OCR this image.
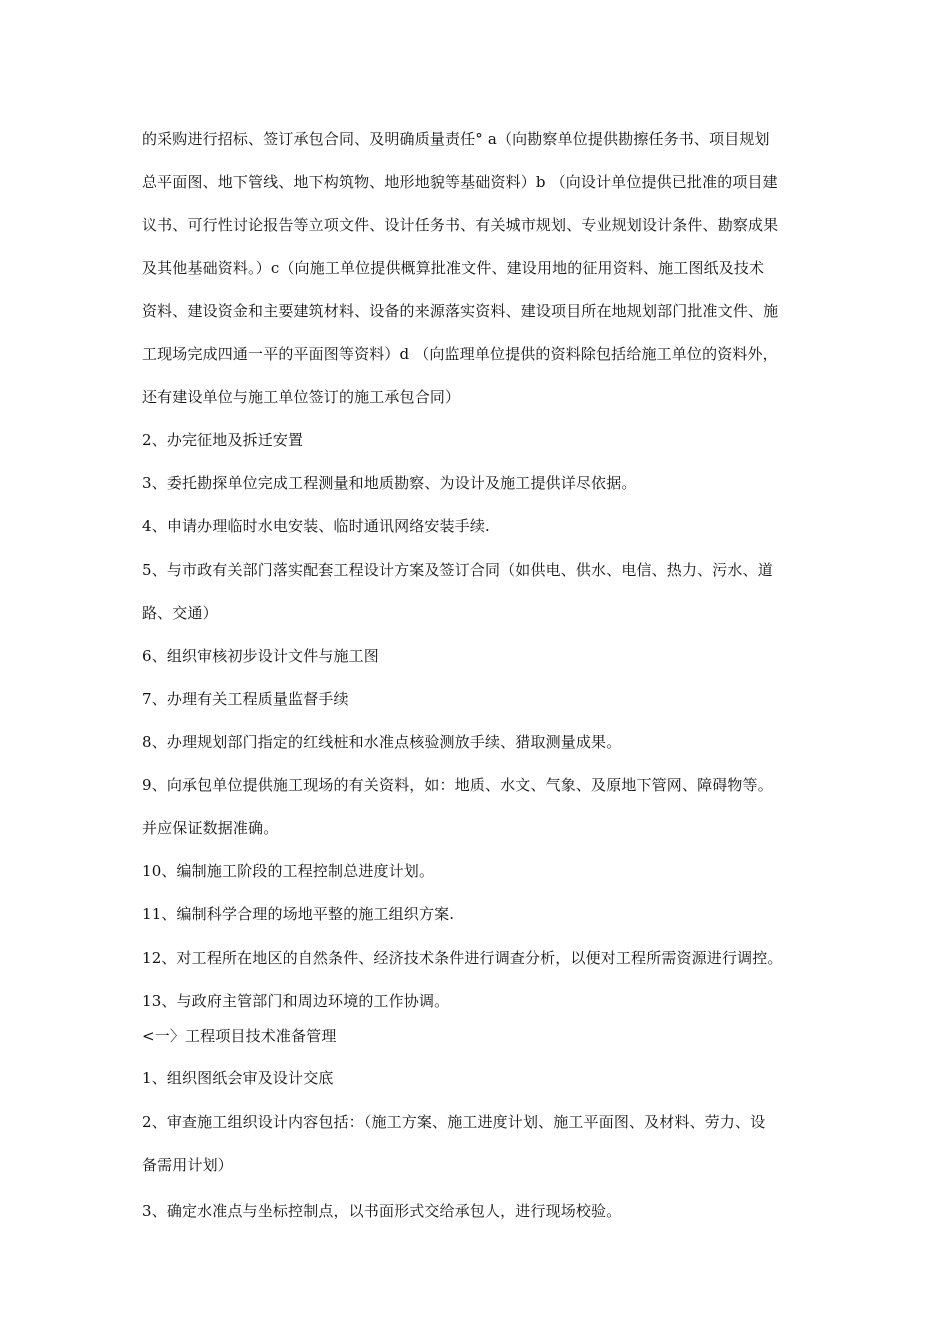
的采购进行招标、签订承包合同、及明确质量责任° a（向勘察单位提供勘擦任务书、项目规划
总平面图、地下管线、地下构筑物、地形地貌等基础资料）b （向设计单位提供已批准的项目建
议书、可行性讨论报告等立项文件、设计任务书、有关城市规划、专业规划设计条件、勘察成果
及其他基础资料。）c（向施工单位提供概算批准文件、建设用地的征用资料、施工图纸及技术
资料、建设资金和主要建筑材料、设备的来源落实资料、建设项目所在地规划部门批准文件、施
工现场完成四通一平的平面图等资料）d （向监理单位提供的资料除包括给施工单位的资料外，
还有建设单位与施工单位签订的施工承包合同）
2、办完征地及拆迁安置
3、委托勘探单位完成工程测量和地质勘察、为设计及施工提供详尽依据。
4、申请办理临时水电安装、临时通讯网络安装手续.
5、与市政有关部门落实配套工程设计方案及签订合同（如供电、供水、电信、热力、污水、道
路、交通）
6、组织审核初步设计文件与施工图
7、办理有关工程质量监督手续
8、办理规划部门指定的红线桩和水准点核验测放手续、猎取测量成果。
9、向承包单位提供施工现场的有关资料，如：地质、水文、气象、及原地下管网、障碍物等。
并应保证数据准确。
10、编制施工阶段的工程控制总进度计划。
11、编制科学合理的场地平整的施工组织方案.
12、对工程所在地区的自然条件、经济技术条件进行调查分析，以便对工程所需资源进行调控。
13、与政府主管部门和周边环境的工作协调。
<一〉工程项目技术准备管理
1、组织图纸会审及设计交底
2、审查施工组织设计内容包括：（施工方案、施工进度计划、施工平面图、及材料、劳力、设
备需用计划）
3、确定水准点与坐标控制点，以书面形式交给承包人，进行现场校验。
